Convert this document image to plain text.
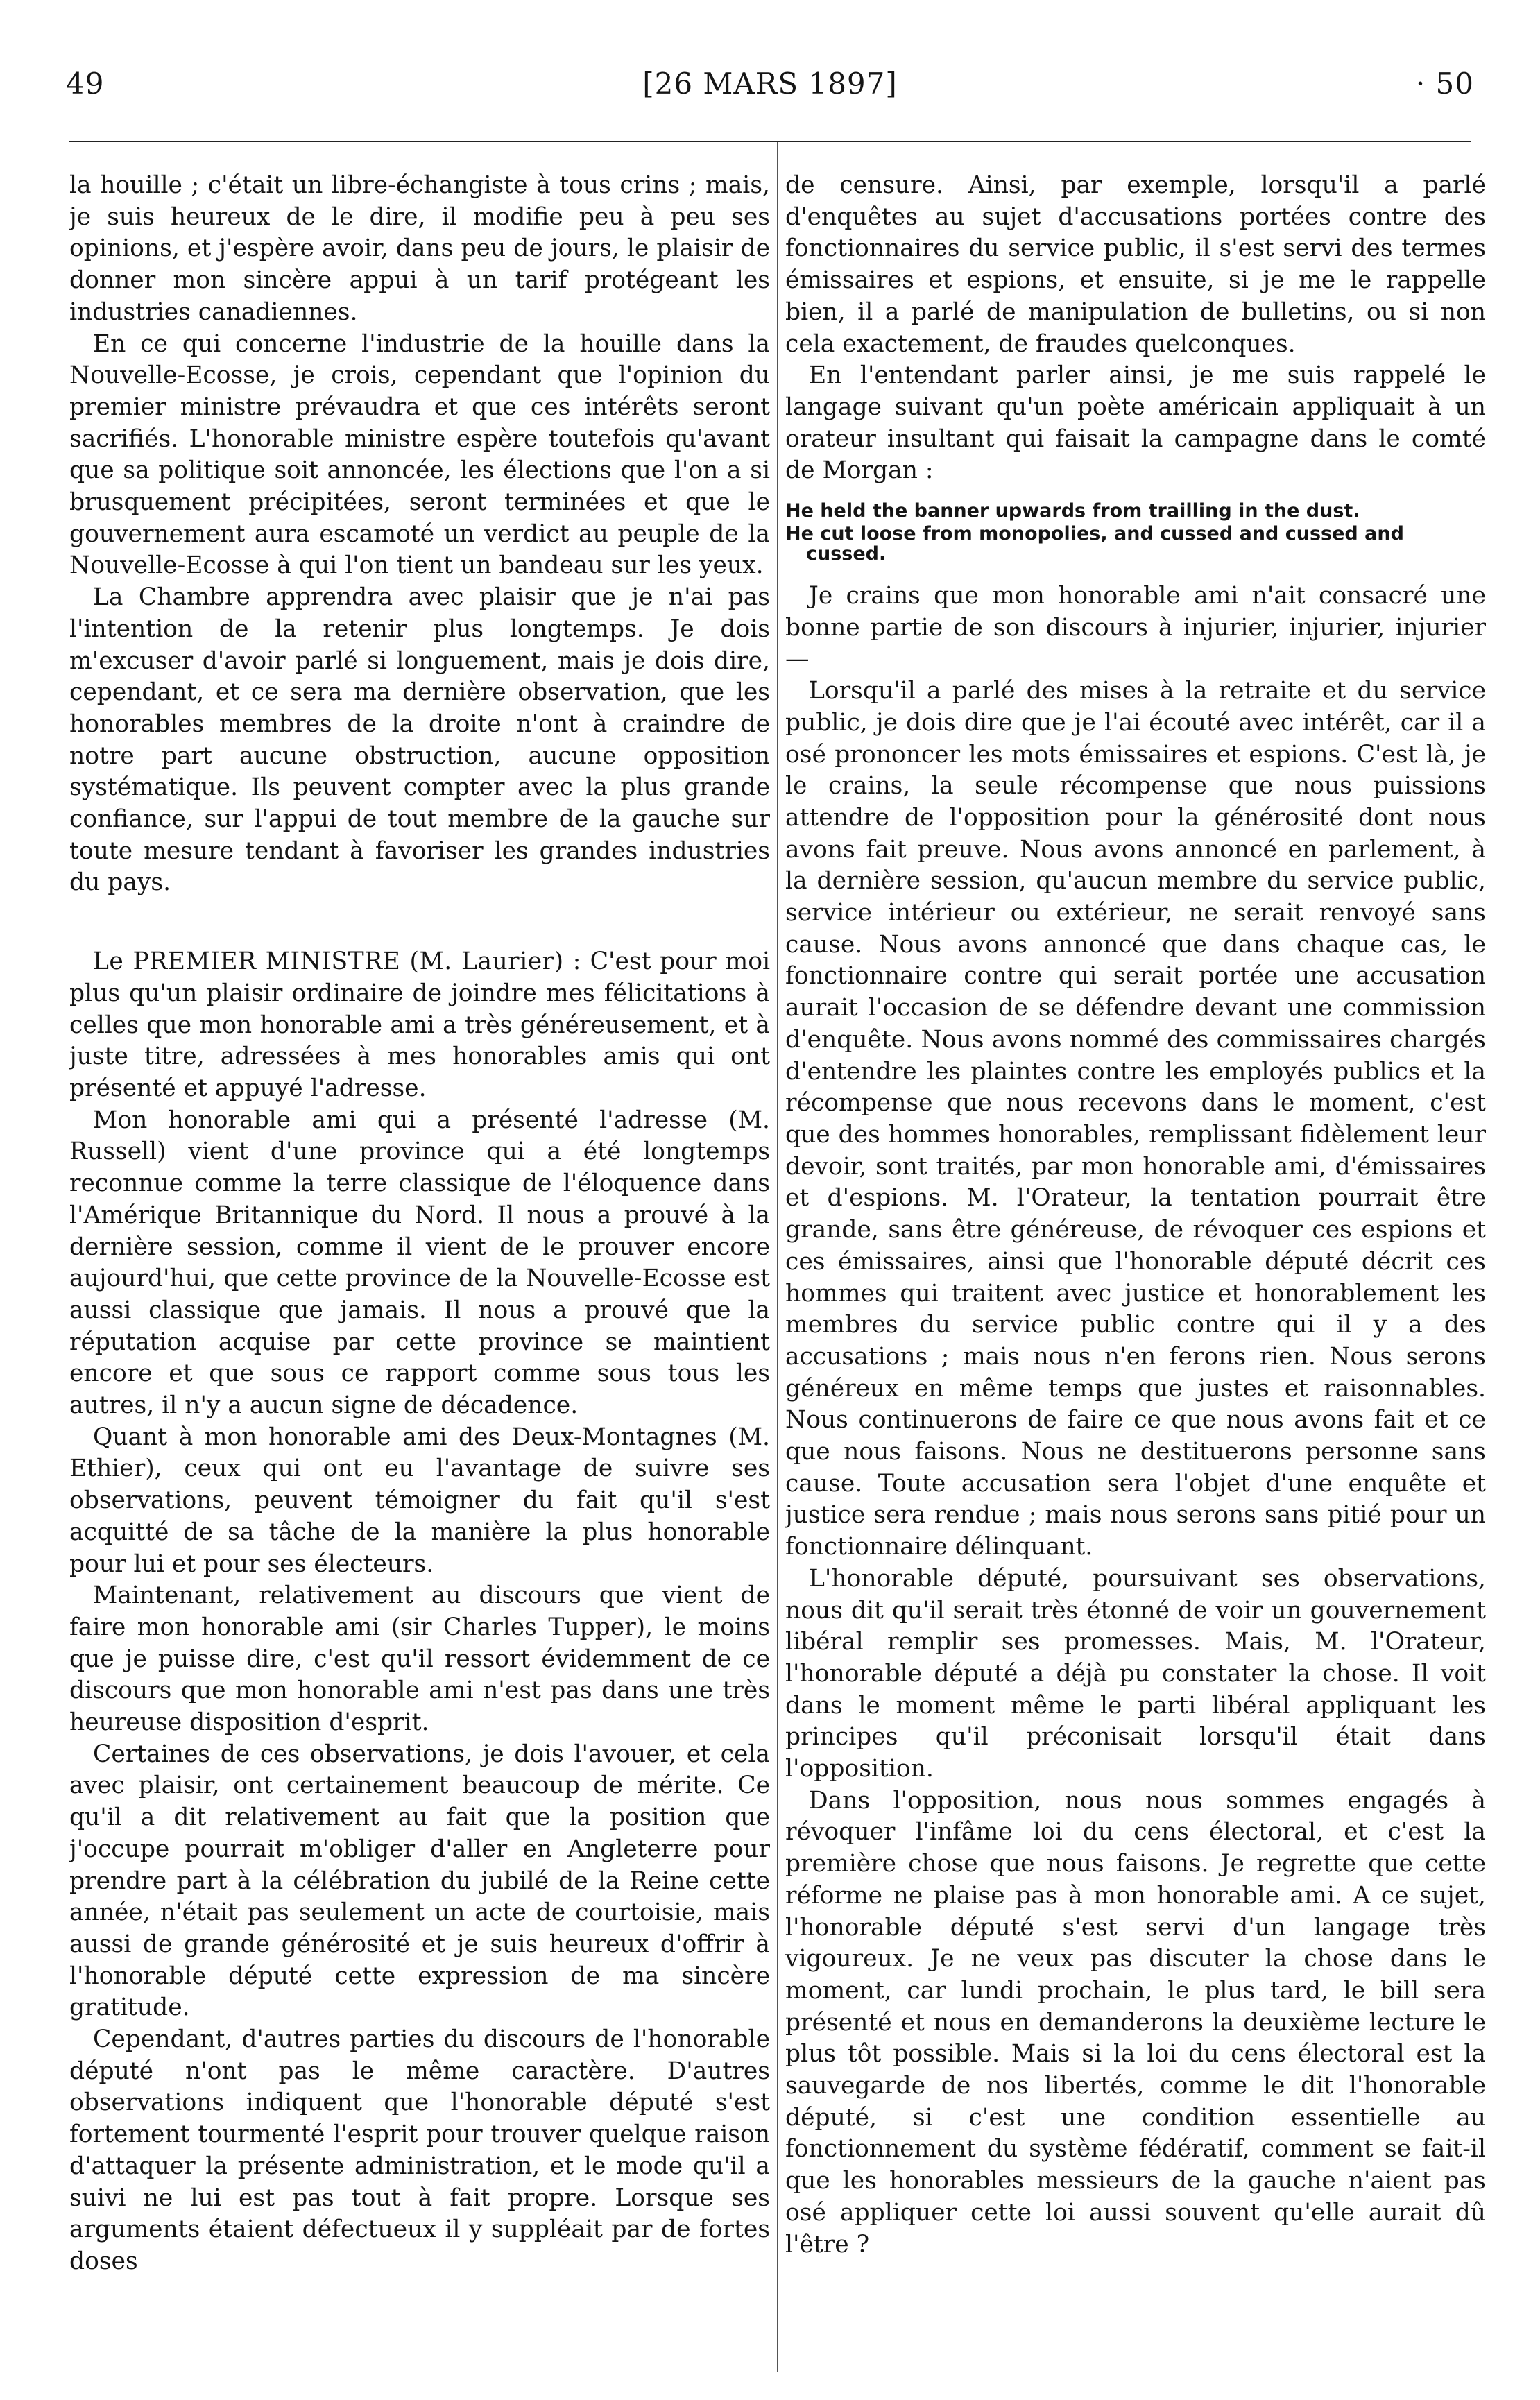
49	[26 MARS 1897]	· 50

la houille ; c'était un libre-échangiste à tous crins ; mais, je suis heureux de le dire, il modifie peu à peu ses opinions, et j'espère avoir, dans peu de jours, le plaisir de donner mon sincère appui à un tarif protégeant les industries canadiennes.

En ce qui concerne l'industrie de la houille dans la Nouvelle-Ecosse, je crois, cependant que l'opinion du premier ministre prévaudra et que ces intérêts seront sacrifiés. L'honorable ministre espère toutefois qu'avant que sa politique soit annoncée, les élections que l'on a si brusquement précipitées, seront terminées et que le gouvernement aura escamoté un verdict au peuple de la Nouvelle-Ecosse à qui l'on tient un bandeau sur les yeux.

La Chambre apprendra avec plaisir que je n'ai pas l'intention de la retenir plus longtemps. Je dois m'excuser d'avoir parlé si longuement, mais je dois dire, cependant, et ce sera ma dernière observation, que les honorables membres de la droite n'ont à craindre de notre part aucune obstruction, aucune opposition systématique. Ils peuvent compter avec la plus grande confiance, sur l'appui de tout membre de la gauche sur toute mesure tendant à favoriser les grandes industries du pays.

Le PREMIER MINISTRE (M. Laurier) : C'est pour moi plus qu'un plaisir ordinaire de joindre mes félicitations à celles que mon honorable ami a très généreusement, et à juste titre, adressées à mes honorables amis qui ont présenté et appuyé l'adresse.

Mon honorable ami qui a présenté l'adresse (M. Russell) vient d'une province qui a été longtemps reconnue comme la terre classique de l'éloquence dans l'Amérique Britannique du Nord. Il nous a prouvé à la dernière session, comme il vient de le prouver encore aujourd'hui, que cette province de la Nouvelle-Ecosse est aussi classique que jamais. Il nous a prouvé que la réputation acquise par cette province se maintient encore et que sous ce rapport comme sous tous les autres, il n'y a aucun signe de décadence.

Quant à mon honorable ami des Deux-Montagnes (M. Ethier), ceux qui ont eu l'avantage de suivre ses observations, peuvent témoigner du fait qu'il s'est acquitté de sa tâche de la manière la plus honorable pour lui et pour ses électeurs.

Maintenant, relativement au discours que vient de faire mon honorable ami (sir Charles Tupper), le moins que je puisse dire, c'est qu'il ressort évidemment de ce discours que mon honorable ami n'est pas dans une très heureuse disposition d'esprit.

Certaines de ces observations, je dois l'avouer, et cela avec plaisir, ont certainement beaucoup de mérite. Ce qu'il a dit relativement au fait que la position que j'occupe pourrait m'obliger d'aller en Angleterre pour prendre part à la célébration du jubilé de la Reine cette année, n'était pas seulement un acte de courtoisie, mais aussi de grande générosité et je suis heureux d'offrir à l'honorable député cette expression de ma sincère gratitude.

Cependant, d'autres parties du discours de l'honorable député n'ont pas le même caractère. D'autres observations indiquent que l'honorable député s'est fortement tourmenté l'esprit pour trouver quelque raison d'attaquer la présente administration, et le mode qu'il a suivi ne lui est pas tout à fait propre. Lorsque ses arguments étaient défectueux il y suppléait par de fortes doses

de censure. Ainsi, par exemple, lorsqu'il a parlé d'enquêtes au sujet d'accusations portées contre des fonctionnaires du service public, il s'est servi des termes émissaires et espions, et ensuite, si je me le rappelle bien, il a parlé de manipulation de bulletins, ou si non cela exactement, de fraudes quelconques.

En l'entendant parler ainsi, je me suis rappelé le langage suivant qu'un poète américain appliquait à un orateur insultant qui faisait la campagne dans le comté de Morgan :

He held the banner upwards from trailling in the dust.
He cut loose from monopolies, and cussed and cussed and cussed.

Je crains que mon honorable ami n'ait consacré une bonne partie de son discours à injurier, injurier, injurier—

Lorsqu'il a parlé des mises à la retraite et du service public, je dois dire que je l'ai écouté avec intérêt, car il a osé prononcer les mots émissaires et espions. C'est là, je le crains, la seule récompense que nous puissions attendre de l'opposition pour la générosité dont nous avons fait preuve. Nous avons annoncé en parlement, à la dernière session, qu'aucun membre du service public, service intérieur ou extérieur, ne serait renvoyé sans cause. Nous avons annoncé que dans chaque cas, le fonctionnaire contre qui serait portée une accusation aurait l'occasion de se défendre devant une commission d'enquête. Nous avons nommé des commissaires chargés d'entendre les plaintes contre les employés publics et la récompense que nous recevons dans le moment, c'est que des hommes honorables, remplissant fidèlement leur devoir, sont traités, par mon honorable ami, d'émissaires et d'espions. M. l'Orateur, la tentation pourrait être grande, sans être généreuse, de révoquer ces espions et ces émissaires, ainsi que l'honorable député décrit ces hommes qui traitent avec justice et honorablement les membres du service public contre qui il y a des accusations ; mais nous n'en ferons rien. Nous serons généreux en même temps que justes et raisonnables. Nous continuerons de faire ce que nous avons fait et ce que nous faisons. Nous ne destituerons personne sans cause. Toute accusation sera l'objet d'une enquête et justice sera rendue ; mais nous serons sans pitié pour un fonctionnaire délinquant.

L'honorable député, poursuivant ses observations, nous dit qu'il serait très étonné de voir un gouvernement libéral remplir ses promesses. Mais, M. l'Orateur, l'honorable député a déjà pu constater la chose. Il voit dans le moment même le parti libéral appliquant les principes qu'il préconisait lorsqu'il était dans l'opposition.

Dans l'opposition, nous nous sommes engagés à révoquer l'infâme loi du cens électoral, et c'est la première chose que nous faisons. Je regrette que cette réforme ne plaise pas à mon honorable ami. A ce sujet, l'honorable député s'est servi d'un langage très vigoureux. Je ne veux pas discuter la chose dans le moment, car lundi prochain, le plus tard, le bill sera présenté et nous en demanderons la deuxième lecture le plus tôt possible. Mais si la loi du cens électoral est la sauvegarde de nos libertés, comme le dit l'honorable député, si c'est une condition essentielle au fonctionnement du système fédératif, comment se fait-il que les honorables messieurs de la gauche n'aient pas osé appliquer cette loi aussi souvent qu'elle aurait dû l'être ?
